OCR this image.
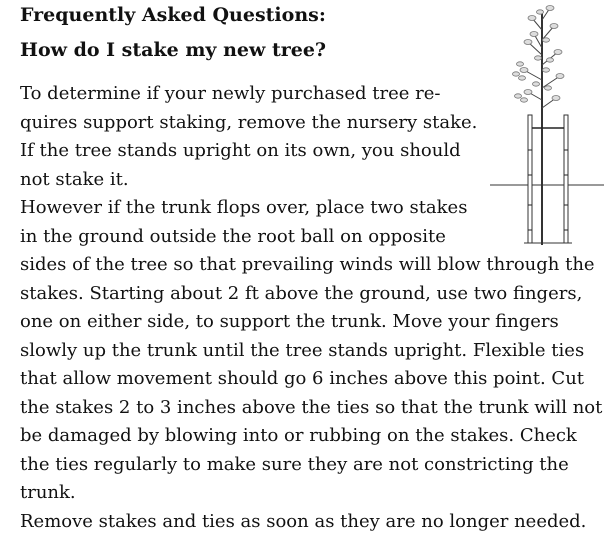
Frequently Asked Questions:
How do I stake my new tree?
To determine if your newly purchased tree re-
quires support staking, remove the nursery stake.
If the tree stands upright on its own, you should
not stake it.
However if the trunk flops over, place two stakes
in the ground outside the root ball on opposite
sides of the tree so that prevailing winds will blow through the
stakes. Starting about 2 ft above the ground, use two fingers,
one on either side, to support the trunk. Move your fingers
slowly up the trunk until the tree stands upright. Flexible ties
that allow movement should go 6 inches above this point. Cut
the stakes 2 to 3 inches above the ties so that the trunk will not
be damaged by blowing into or rubbing on the stakes. Check
the ties regularly to make sure they are not constricting the
trunk.
Remove stakes and ties as soon as they are no longer needed.
